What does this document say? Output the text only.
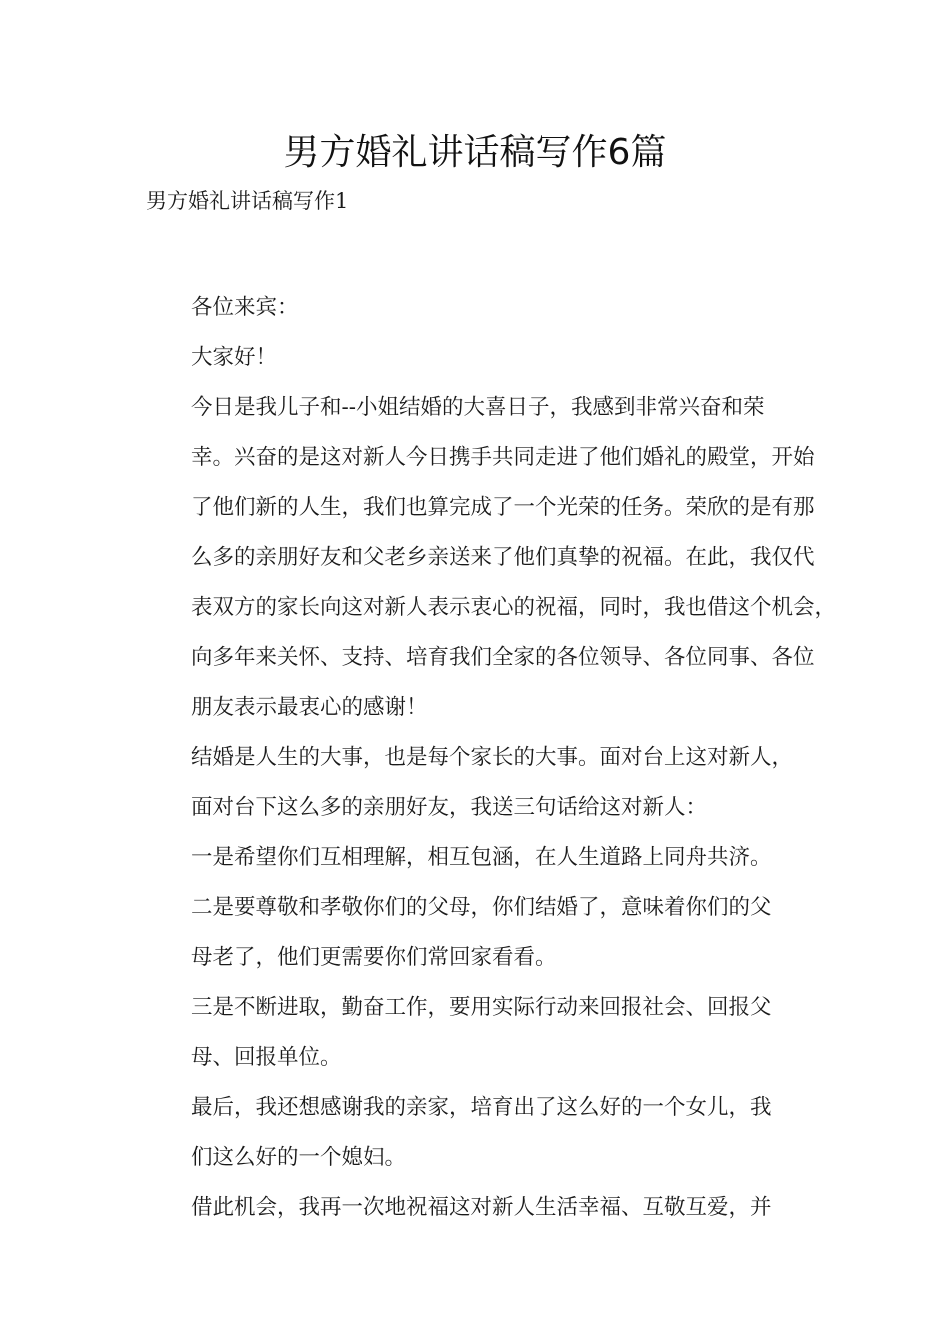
男方婚礼讲话稿写作6篇
男方婚礼讲话稿写作1

各位来宾：

大家好！

今日是我儿子和--小姐结婚的大喜日子，我感到非常兴奋和荣
幸。兴奋的是这对新人今日携手共同走进了他们婚礼的殿堂，开始
了他们新的人生，我们也算完成了一个光荣的任务。荣欣的是有那
么多的亲朋好友和父老乡亲送来了他们真挚的祝福。在此，我仅代
表双方的家长向这对新人表示衷心的祝福，同时，我也借这个机会，
向多年来关怀、支持、培育我们全家的各位领导、各位同事、各位
朋友表示最衷心的感谢！

结婚是人生的大事，也是每个家长的大事。面对台上这对新人，
面对台下这么多的亲朋好友，我送三句话给这对新人：

一是希望你们互相理解，相互包涵，在人生道路上同舟共济。

二是要尊敬和孝敬你们的父母，你们结婚了，意味着你们的父
母老了，他们更需要你们常回家看看。

三是不断进取，勤奋工作，要用实际行动来回报社会、回报父
母、回报单位。

最后，我还想感谢我的亲家，培育出了这么好的一个女儿，我
们这么好的一个媳妇。

借此机会，我再一次地祝福这对新人生活幸福、互敬互爱，并
